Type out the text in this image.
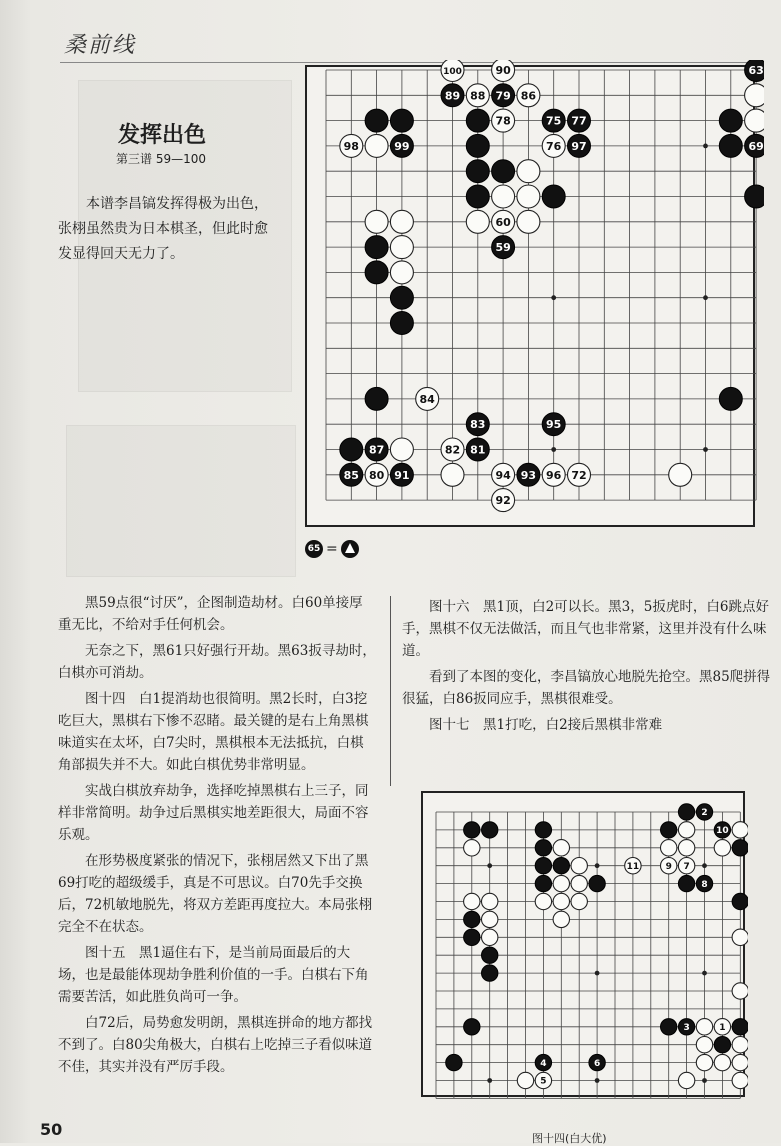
桑前线
发挥出色
第三谱 59—100
本谱李昌镐发挥得极为出色，张栩虽然贵为日本棋圣，但此时愈发显得回天无力了。
100	90	63
89 88 79 86
78	75 77
98	99	76 97	69
60
59
84
83	95
87	82 81
85 80 91	94 93 96 72
92
65 =

黑59点很“讨厌”，企图制造劫材。白60单接厚重无比，不给对手任何机会。

无奈之下，黑61只好强行开劫。黑63扳寻劫时，白棋亦可消劫。

图十四　白1提消劫也很简明。黑2长时，白3挖吃巨大，黑棋右下惨不忍睹。最关键的是右上角黑棋味道实在太坏，白7尖时，黑棋根本无法抵抗，白棋角部损失并不大。如此白棋优势非常明显。

实战白棋放弃劫争，选择吃掉黑棋右上三子，同样非常简明。劫争过后黑棋实地差距很大，局面不容乐观。

在形势极度紧张的情况下，张栩居然又下出了黑69打吃的超级缓手，真是不可思议。白70先手交换后，72机敏地脱先，将双方差距再度拉大。本局张栩完全不在状态。

图十五　黑1逼住右下，是当前局面最后的大场，也是最能体现劫争胜利价值的一手。白棋右下角需要苦活，如此胜负尚可一争。

白72后，局势愈发明朗，黑棋连拼命的地方都找不到了。白80尖角极大，白棋右上吃掉三子看似味道不佳，其实并没有严厉手段。

图十六　黑1顶，白2可以长。黑3，5扳虎时，白6跳点好手，黑棋不仅无法做活，而且气也非常紧，这里并没有什么味道。

看到了本图的变化，李昌镐放心地脱先抢空。黑85爬拼得很猛，白86扳同应手，黑棋很难受。

图十七　黑1打吃，白2接后黑棋非常难

2
10
11	9 7
8
3	1
4	6
5
50	图十四(白大优)
